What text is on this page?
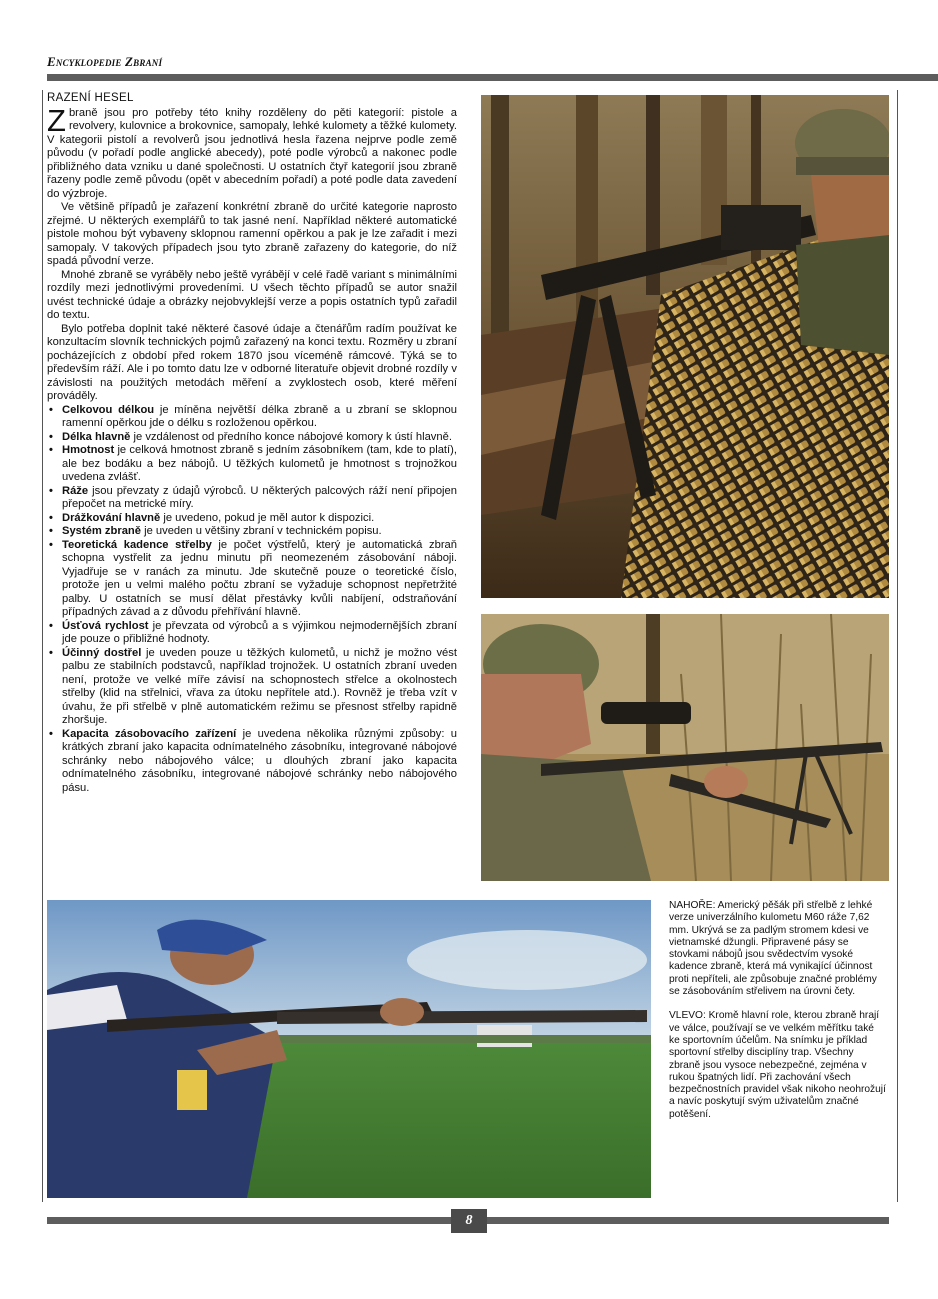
Encyklopedie Zbraní
RAZENÍ HESEL

Zbraně jsou pro potřeby této knihy rozděleny do pěti kategorií: pistole a revolvery, kulovnice a brokovnice, samopaly, lehké kulomety a těžké kulomety. V kategorii pistolí a revolverů jsou jednotlivá hesla řazena nejprve podle země původu (v pořadí podle anglické abecedy), poté podle výrobců a nakonec podle přibližného data vzniku u dané společnosti. U ostatních čtyř kategorií jsou zbraně řazeny podle země původu (opět v abecedním pořadí) a poté podle data zavedení do výzbroje.

Ve většině případů je zařazení konkrétní zbraně do určité kategorie naprosto zřejmé. U některých exemplářů to tak jasné není. Například některé automatické pistole mohou být vybaveny sklopnou ramenní opěrkou a pak je lze zařadit i mezi samopaly. V takových případech jsou tyto zbraně zařazeny do kategorie, do níž spadá původní verze.

Mnohé zbraně se vyráběly nebo ještě vyrábějí v celé řadě variant s minimálními rozdíly mezi jednotlivými provedeními. U všech těchto případů se autor snažil uvést technické údaje a obrázky nejobvyklejší verze a popis ostatních typů zařadil do textu.

Bylo potřeba doplnit také některé časové údaje a čtenářům radím používat ke konzultacím slovník technických pojmů zařazený na konci textu. Rozměry u zbraní pocházejících z období před rokem 1870 jsou víceméně rámcové. Týká se to především ráží. Ale i po tomto datu lze v odborné literatuře objevit drobné rozdíly v závislosti na použitých metodách měření a zvyklostech osob, které měření prováděly.

• Celkovou délkou je míněna největší délka zbraně a u zbraní se sklopnou ramenní opěrkou jde o délku s rozloženou opěrkou.
• Délka hlavně je vzdálenost od předního konce nábojové komory k ústí hlavně.
• Hmotnost je celková hmotnost zbraně s jedním zásobníkem (tam, kde to platí), ale bez bodáku a bez nábojů. U těžkých kulometů je hmotnost s trojnožkou uvedena zvlášť.
• Ráže jsou převzaty z údajů výrobců. U některých palcových ráží není připojen přepočet na metrické míry.
• Drážkování hlavně je uvedeno, pokud je měl autor k dispozici.
• Systém zbraně je uveden u většiny zbraní v technickém popisu.
• Teoretická kadence střelby je počet výstřelů, který je automatická zbraň schopna vystřelit za jednu minutu při neomezeném zásobování náboji. Vyjadřuje se v ranách za minutu. Jde skutečně pouze o teoretické číslo, protože jen u velmi malého počtu zbraní se vyžaduje schopnost nepřetržité palby. U ostatních se musí dělat přestávky kvůli nabíjení, odstraňování případných závad a z důvodu přehřívání hlavně.
• Úsťová rychlost je převzata od výrobců a s výjimkou nejmodernějších zbraní jde pouze o přibližné hodnoty.
• Účinný dostřel je uveden pouze u těžkých kulometů, u nichž je možno vést palbu ze stabilních podstavců, například trojnožek. U ostatních zbraní uveden není, protože ve velké míře závisí na schopnostech střelce a okolnostech střelby (klid na střelnici, vřava za útoku nepřítele atd.). Rovněž je třeba vzít v úvahu, že při střelbě v plně automatickém režimu se přesnost střelby rapidně zhoršuje.
• Kapacita zásobovacího zařízení je uvedena několika různými způsoby: u krátkých zbraní jako kapacita odnímatelného zásobníku, integrované nábojové schránky nebo nábojového válce; u dlouhých zbraní jako kapacita odnímatelného zásobníku, integrované nábojové schránky nebo nábojového pásu.

NAHOŘE: Americký pěšák při střelbě z lehké verze univerzálního kulometu M60 ráže 7,62 mm. Ukrývá se za padlým stromem kdesi ve vietnamské džungli. Připravené pásy se stovkami nábojů jsou svědectvím vysoké kadence zbraně, která má vynikající účinnost proti nepříteli, ale způsobuje značné problémy se zásobováním střelivem na úrovni čety.

VLEVO: Kromě hlavní role, kterou zbraně hrají ve válce, používají se ve velkém měřítku také ke sportovním účelům. Na snímku je příklad sportovní střelby disciplíny trap. Všechny zbraně jsou vysoce nebezpečné, zejména v rukou špatných lidí. Při zachování všech bezpečnostních pravidel však nikoho neohrožují a navíc poskytují svým uživatelům značné potěšení.

8
